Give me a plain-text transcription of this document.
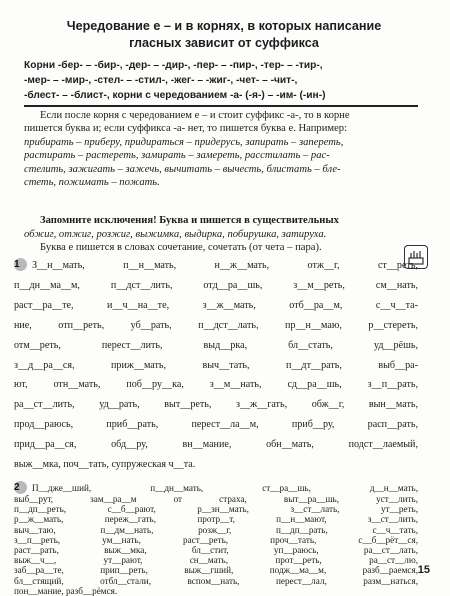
Чередование е – и в корнях, в которых написание
гласных зависит от суффикса
Корни -бер- – -бир-, -дер- – -дир-, -пер- – -пир-, -тер- – -тир-,
-мер- – -мир-, -стел- – -стил-, -жег- – -жиг-, -чет- – -чит-,
-блест- – -блист-, корни с чередованием -а- (-я-) – -им- (-ин-)
Если после корня с чередованием е – и стоит суффикс -а-, то в корне
пишется буква и; если суффикса -а- нет, то пишется буква е. Например:
прибирать – приберу, придираться – придерусь, запирать – запереть,
растирать – растереть, замирать – замереть, расстилать – рас-
стелить, зажигать – зажечь, вычитать – вычесть, блистать – бле-
стеть, пожимать – пожать.
Запомните исключения! Буква и пишется в существительных
обжиг, отжиг, розжиг, выжимка, выдирка, побирушка, затируха.
Буква е пишется в словах сочетание, сочетать (от чета – пара).
1 З__н__мать, п__н__мать, н__ж__мать, отж__г, ст__реть,
п__дн__ма__м, п__дст__лить, отд__ра__шь, з__м__реть, см__нать,
раст__ра__те, и__ч__на__те, з__ж__мать, отб__ра__м, с__ч__та-
ние, отп__реть, уб__рать, п__дст__лать, пр__н__маю, р__стереть,
отм__реть, перест__лить, выд__рка, бл__стать, уд__рёшь,
з__д__ра__ся, приж__мать, выч__тать, п__дт__рать, выб__ра-
ют, отн__мать, поб__ру__ка, з__м__нать, сд__ра__шь, з__п__рать,
ра__ст__лить, уд__рать, выт__реть, з__ж__гать, обж__г, вын__мать,
прод__раюсь, приб__рать, перест__ла__м, приб__ру, расп__рать,
прид__ра__ся, обд__ру, вн__мание, обн__мать, подст__лаемый,
выж__мка, поч__тать, супружеская ч__та.
2 П__дже__ший, п__дн__мать, ст__ра__шь, д__н__мать,
выб__рут, зам__ра__м от страха, выт__ра__шь, уст__лить,
п__дп__реть, с__б__рают, р__зн__мать, з__ст__лать, ут__реть,
р__ж__мать, переж__гать, протр__т, п__н__мают, з__ст__лить,
выч__таю, п__дм__нать, розж__г, п__дп__рать, с__ч__тать,
з__п__реть, ум__нать, раст__реть, проч__тать, с__б__рёт__ся,
раст__рать, выж__мка, бл__стит, уп__раюсь, ра__ст__лать,
выж__ч__, ут__рают, сн__мать, прот__реть, ра__ст__лю,
заб__ра__те, прип__реть, выж__гший, подж__ма__м, разб__раемся,
бл__стящий, отбл__стали, вспом__нать, перест__лал, разм__наться,
пон__мание, разб__рёмся.
15
